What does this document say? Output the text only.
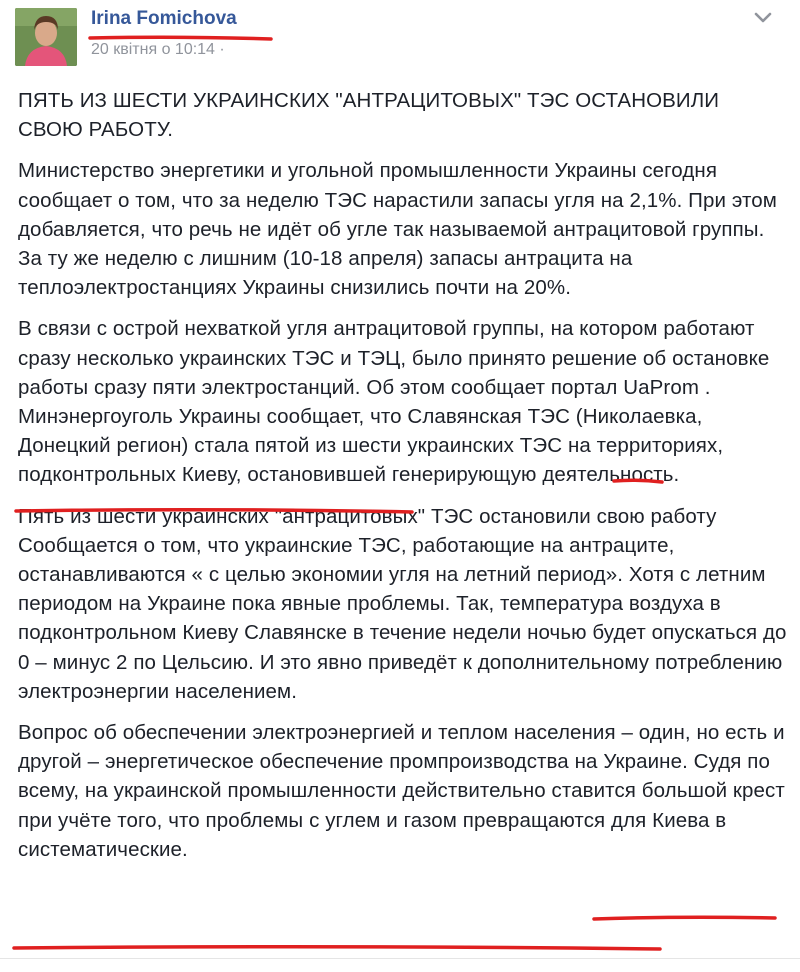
Irina Fomichova
20 квітня о 10:14 ·

ПЯТЬ ИЗ ШЕСТИ УКРАИНСКИХ "АНТРАЦИТОВЫХ" ТЭС ОСТАНОВИЛИ СВОЮ РАБОТУ.

Министерство энергетики и угольной промышленности Украины сегодня сообщает о том, что за неделю ТЭС нарастили запасы угля на 2,1%. При этом добавляется, что речь не идёт об угле так называемой антрацитовой группы. За ту же неделю с лишним (10-18 апреля) запасы антрацита на теплоэлектростанциях Украины снизились почти на 20%.

В связи с острой нехваткой угля антрацитовой группы, на котором работают сразу несколько украинских ТЭС и ТЭЦ, было принято решение об остановке работы сразу пяти электростанций. Об этом сообщает портал UaProm .
Минэнергоуголь Украины сообщает, что Славянская ТЭС (Николаевка, Донецкий регион) стала пятой из шести украинских ТЭС на территориях, подконтрольных Киеву, остановившей генерирующую деятельность.

Пять из шести украинских "антрацитовых" ТЭС остановили свою работу
Сообщается о том, что украинские ТЭС, работающие на антраците, останавливаются « с целью экономии угля на летний период». Хотя с летним периодом на Украине пока явные проблемы. Так, температура воздуха в подконтрольном Киеву Славянске в течение недели ночью будет опускаться до 0 – минус 2 по Цельсию. И это явно приведёт к дополнительному потреблению электроэнергии населением.

Вопрос об обеспечении электроэнергией и теплом населения – один, но есть и другой – энергетическое обеспечение промпроизводства на Украине. Судя по всему, на украинской промышленности действительно ставится большой крест при учёте того, что проблемы с углем и газом превращаются для Киева в систематические.
